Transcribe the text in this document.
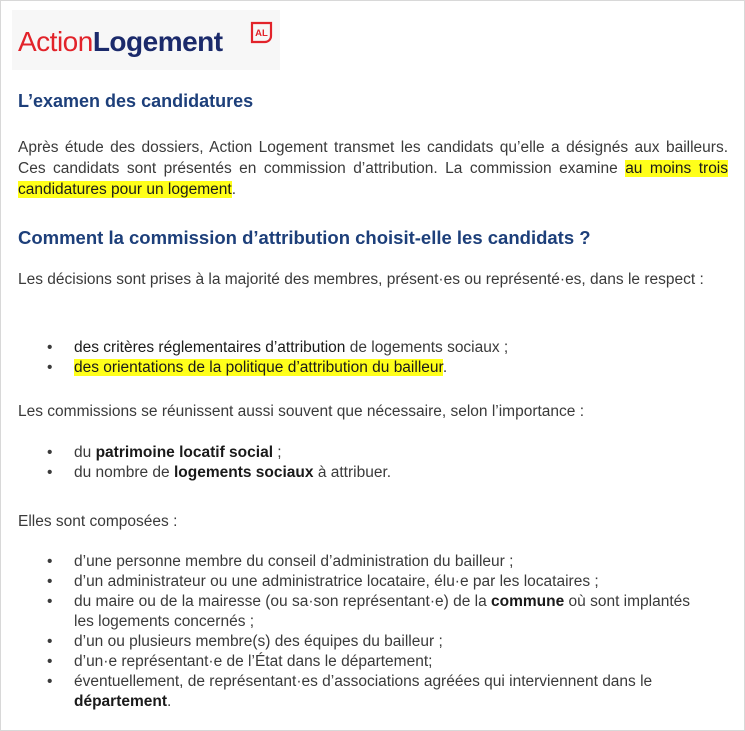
ActionLogement	AL
L’examen des candidatures

Après étude des dossiers, Action Logement transmet les candidats qu’elle a désignés aux bailleurs. Ces candidats sont présentés en commission d’attribution. La commission examine au moins trois candidatures pour un logement.

Comment la commission d’attribution choisit-elle les candidats ?

Les décisions sont prises à la majorité des membres, présent·es ou représenté·es, dans le respect :

• des critères réglementaires d’attribution de logements sociaux ;
• des orientations de la politique d’attribution du bailleur.

Les commissions se réunissent aussi souvent que nécessaire, selon l’importance :

• du patrimoine locatif social ;
• du nombre de logements sociaux à attribuer.

Elles sont composées :

• d’une personne membre du conseil d’administration du bailleur ;
• d’un administrateur ou une administratrice locataire, élu·e par les locataires ;
• du maire ou de la mairesse (ou sa·son représentant·e) de la commune où sont implantés les logements concernés ;
• d’un ou plusieurs membre(s) des équipes du bailleur ;
• d’un·e représentant·e de l’État dans le département;
• éventuellement, de représentant·es d’associations agréées qui interviennent dans le département.
